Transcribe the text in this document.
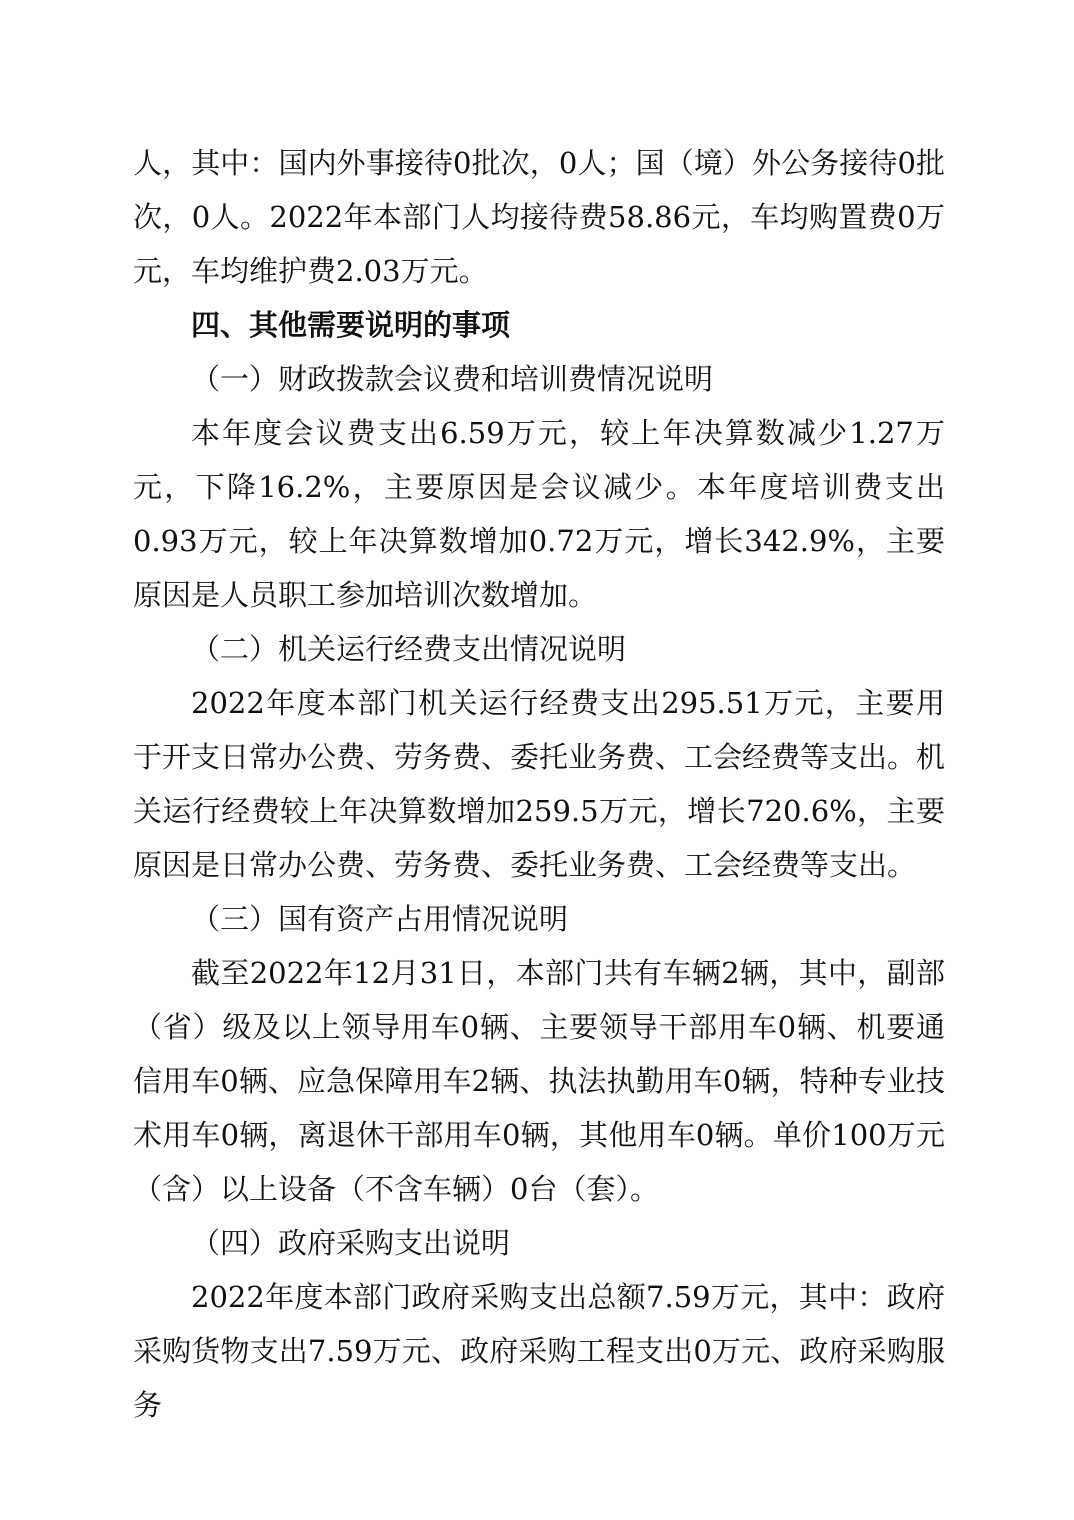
人，其中：国内外事接待0批次，0人；国（境）外公务接待0批次，0人。2022年本部门人均接待费58.86元，车均购置费0万元，车均维护费2.03万元。

四、其他需要说明的事项

（一）财政拨款会议费和培训费情况说明

本年度会议费支出6.59万元，较上年决算数减少1.27万元，下降16.2%，主要原因是会议减少。本年度培训费支出0.93万元，较上年决算数增加0.72万元，增长342.9%，主要原因是人员职工参加培训次数增加。

（二）机关运行经费支出情况说明

2022年度本部门机关运行经费支出295.51万元，主要用于开支日常办公费、劳务费、委托业务费、工会经费等支出。机关运行经费较上年决算数增加259.5万元，增长720.6%，主要原因是日常办公费、劳务费、委托业务费、工会经费等支出。

（三）国有资产占用情况说明

截至2022年12月31日，本部门共有车辆2辆，其中，副部（省）级及以上领导用车0辆、主要领导干部用车0辆、机要通信用车0辆、应急保障用车2辆、执法执勤用车0辆，特种专业技术用车0辆，离退休干部用车0辆，其他用车0辆。单价100万元（含）以上设备（不含车辆）0台（套）。

（四）政府采购支出说明

2022年度本部门政府采购支出总额7.59万元，其中：政府采购货物支出7.59万元、政府采购工程支出0万元、政府采购服务
